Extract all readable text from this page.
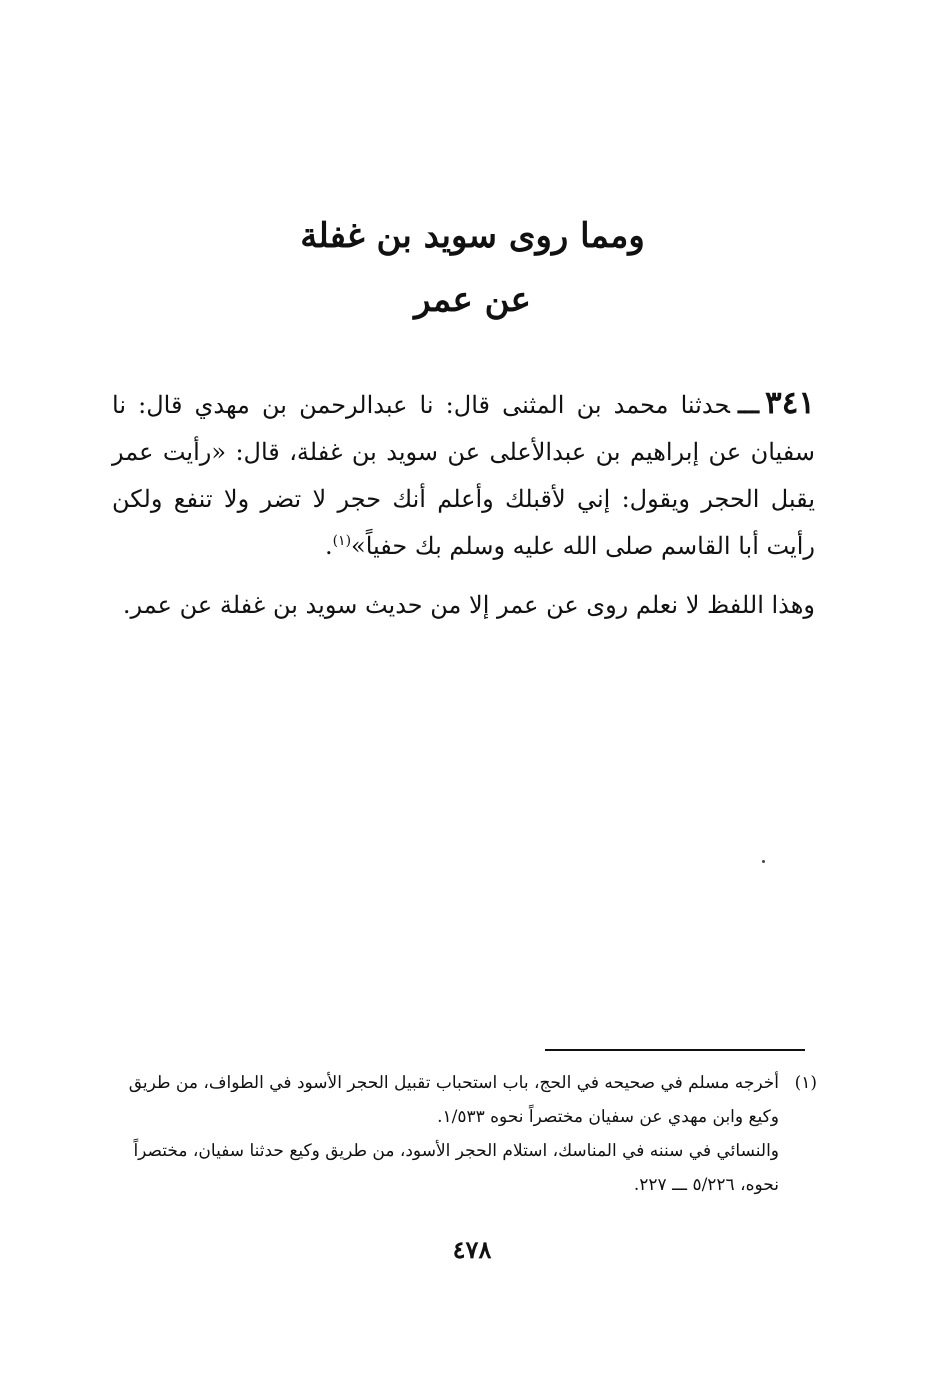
ومما روى سويد بن غفلة
عن عمر

٣٤١ـــحدثنا محمد بن المثنى قال: نا عبدالرحمن بن مهدي قال: نا سفيان عن إبراهيم بن عبدالأعلى عن سويد بن غفلة، قال: «رأيت عمر يقبل الحجر ويقول: إني لأقبلك وأعلم أنك حجر لا تضر ولا تنفع ولكن رأيت أبا القاسم صلى الله عليه وسلم بك حفياً»$^{(١)}$.

وهذا اللفظ لا نعلم روى عن عمر إلا من حديث سويد بن غفلة عن عمر.

(١)

أخرجه مسلم في صحيحه في الحج، باب استحباب تقبيل الحجر الأسود في الطواف، من طريق وكيع وابن مهدي عن سفيان مختصراً نحوه ١/٥٣٣.

والنسائي في سننه في المناسك، استلام الحجر الأسود، من طريق وكيع حدثنا سفيان، مختصراً نحوه، ٥/٢٢٦ ـــ ٢٢٧.

٤٧٨
